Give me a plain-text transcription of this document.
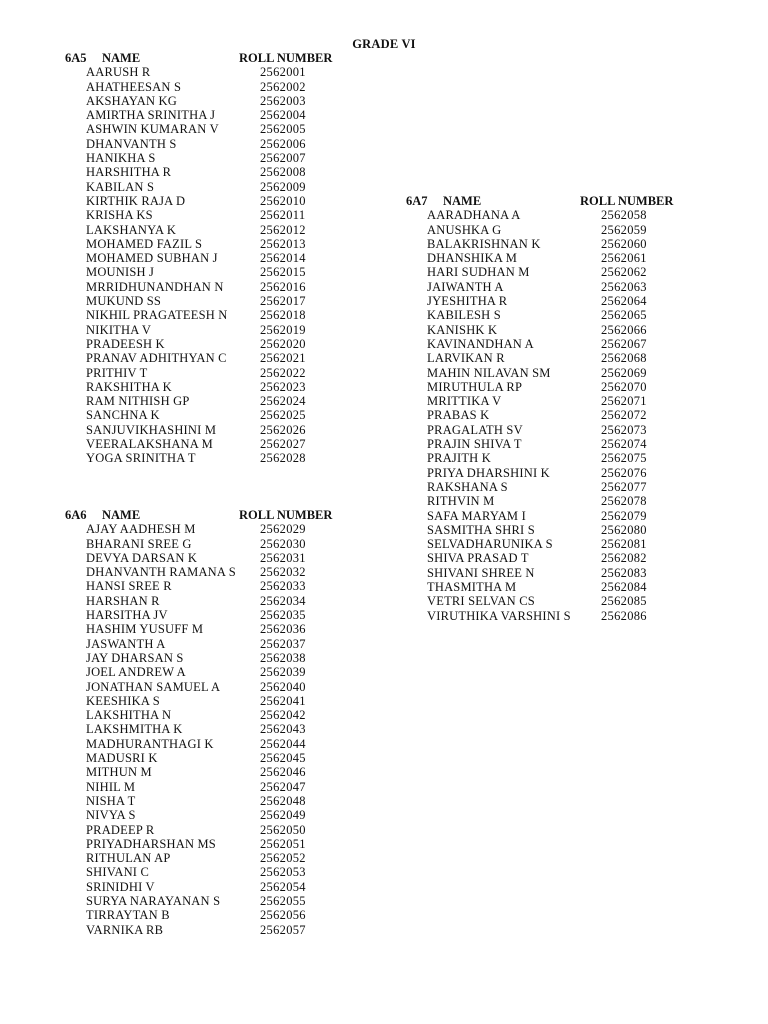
GRADE VI
6A5 NAME	ROLL NUMBER
AARUSH R	2562001
AHATHEESAN S	2562002
AKSHAYAN KG	2562003
AMIRTHA SRINITHA J	2562004
ASHWIN KUMARAN V	2562005
DHANVANTH S	2562006
HANIKHA S	2562007
HARSHITHA R	2562008
KABILAN S	2562009
KIRTHIK RAJA D	2562010
KRISHA KS	2562011
LAKSHANYA K	2562012
MOHAMED FAZIL S	2562013
MOHAMED SUBHAN J	2562014
MOUNISH J	2562015
MRRIDHUNANDHAN N	2562016
MUKUND SS	2562017
NIKHIL PRAGATEESH N	2562018
NIKITHA V	2562019
PRADEESH K	2562020
PRANAV ADHITHYAN C	2562021
PRITHIV T	2562022
RAKSHITHA K	2562023
RAM NITHISH GP	2562024
SANCHNA K	2562025
SANJUVIKHASHINI M	2562026
VEERALAKSHANA M	2562027
YOGA SRINITHA T	2562028
6A6 NAME	ROLL NUMBER
AJAY AADHESH M	2562029
BHARANI SREE G	2562030
DEVYA DARSAN K	2562031
DHANVANTH RAMANA S 2562032
HANSI SREE R	2562033
HARSHAN R	2562034
HARSITHA JV	2562035
HASHIM YUSUFF M	2562036
JASWANTH A	2562037
JAY DHARSAN S	2562038
JOEL ANDREW A	2562039
JONATHAN SAMUEL A	2562040
KEESHIKA S	2562041
LAKSHITHA N	2562042
LAKSHMITHA K	2562043
MADHURANTHAGI K	2562044
MADUSRI K	2562045
MITHUN M	2562046
NIHIL M	2562047
NISHA T	2562048
NIVYA S	2562049
PRADEEP R	2562050
PRIYADHARSHAN MS	2562051
RITHULAN AP	2562052
SHIVANI C	2562053
SRINIDHI V	2562054
SURYA NARAYANAN S	2562055
TIRRAYTAN B	2562056
VARNIKA RB	2562057
6A7 NAME	ROLL NUMBER
AARADHANA A	2562058
ANUSHKA G	2562059
BALAKRISHNAN K	2562060
DHANSHIKA M	2562061
HARI SUDHAN M	2562062
JAIWANTH A	2562063
JYESHITHA R	2562064
KABILESH S	2562065
KANISHK K	2562066
KAVINANDHAN A	2562067
LARVIKAN R	2562068
MAHIN NILAVAN SM	2562069
MIRUTHULA RP	2562070
MRITTIKA V	2562071
PRABAS K	2562072
PRAGALATH SV	2562073
PRAJIN SHIVA T	2562074
PRAJITH K	2562075
PRIYA DHARSHINI K	2562076
RAKSHANA S	2562077
RITHVIN M	2562078
SAFA MARYAM I	2562079
SASMITHA SHRI S	2562080
SELVADHARUNIKA S	2562081
SHIVA PRASAD T	2562082
SHIVANI SHREE N	2562083
THASMITHA M	2562084
VETRI SELVAN CS	2562085
VIRUTHIKA VARSHINI S 2562086
